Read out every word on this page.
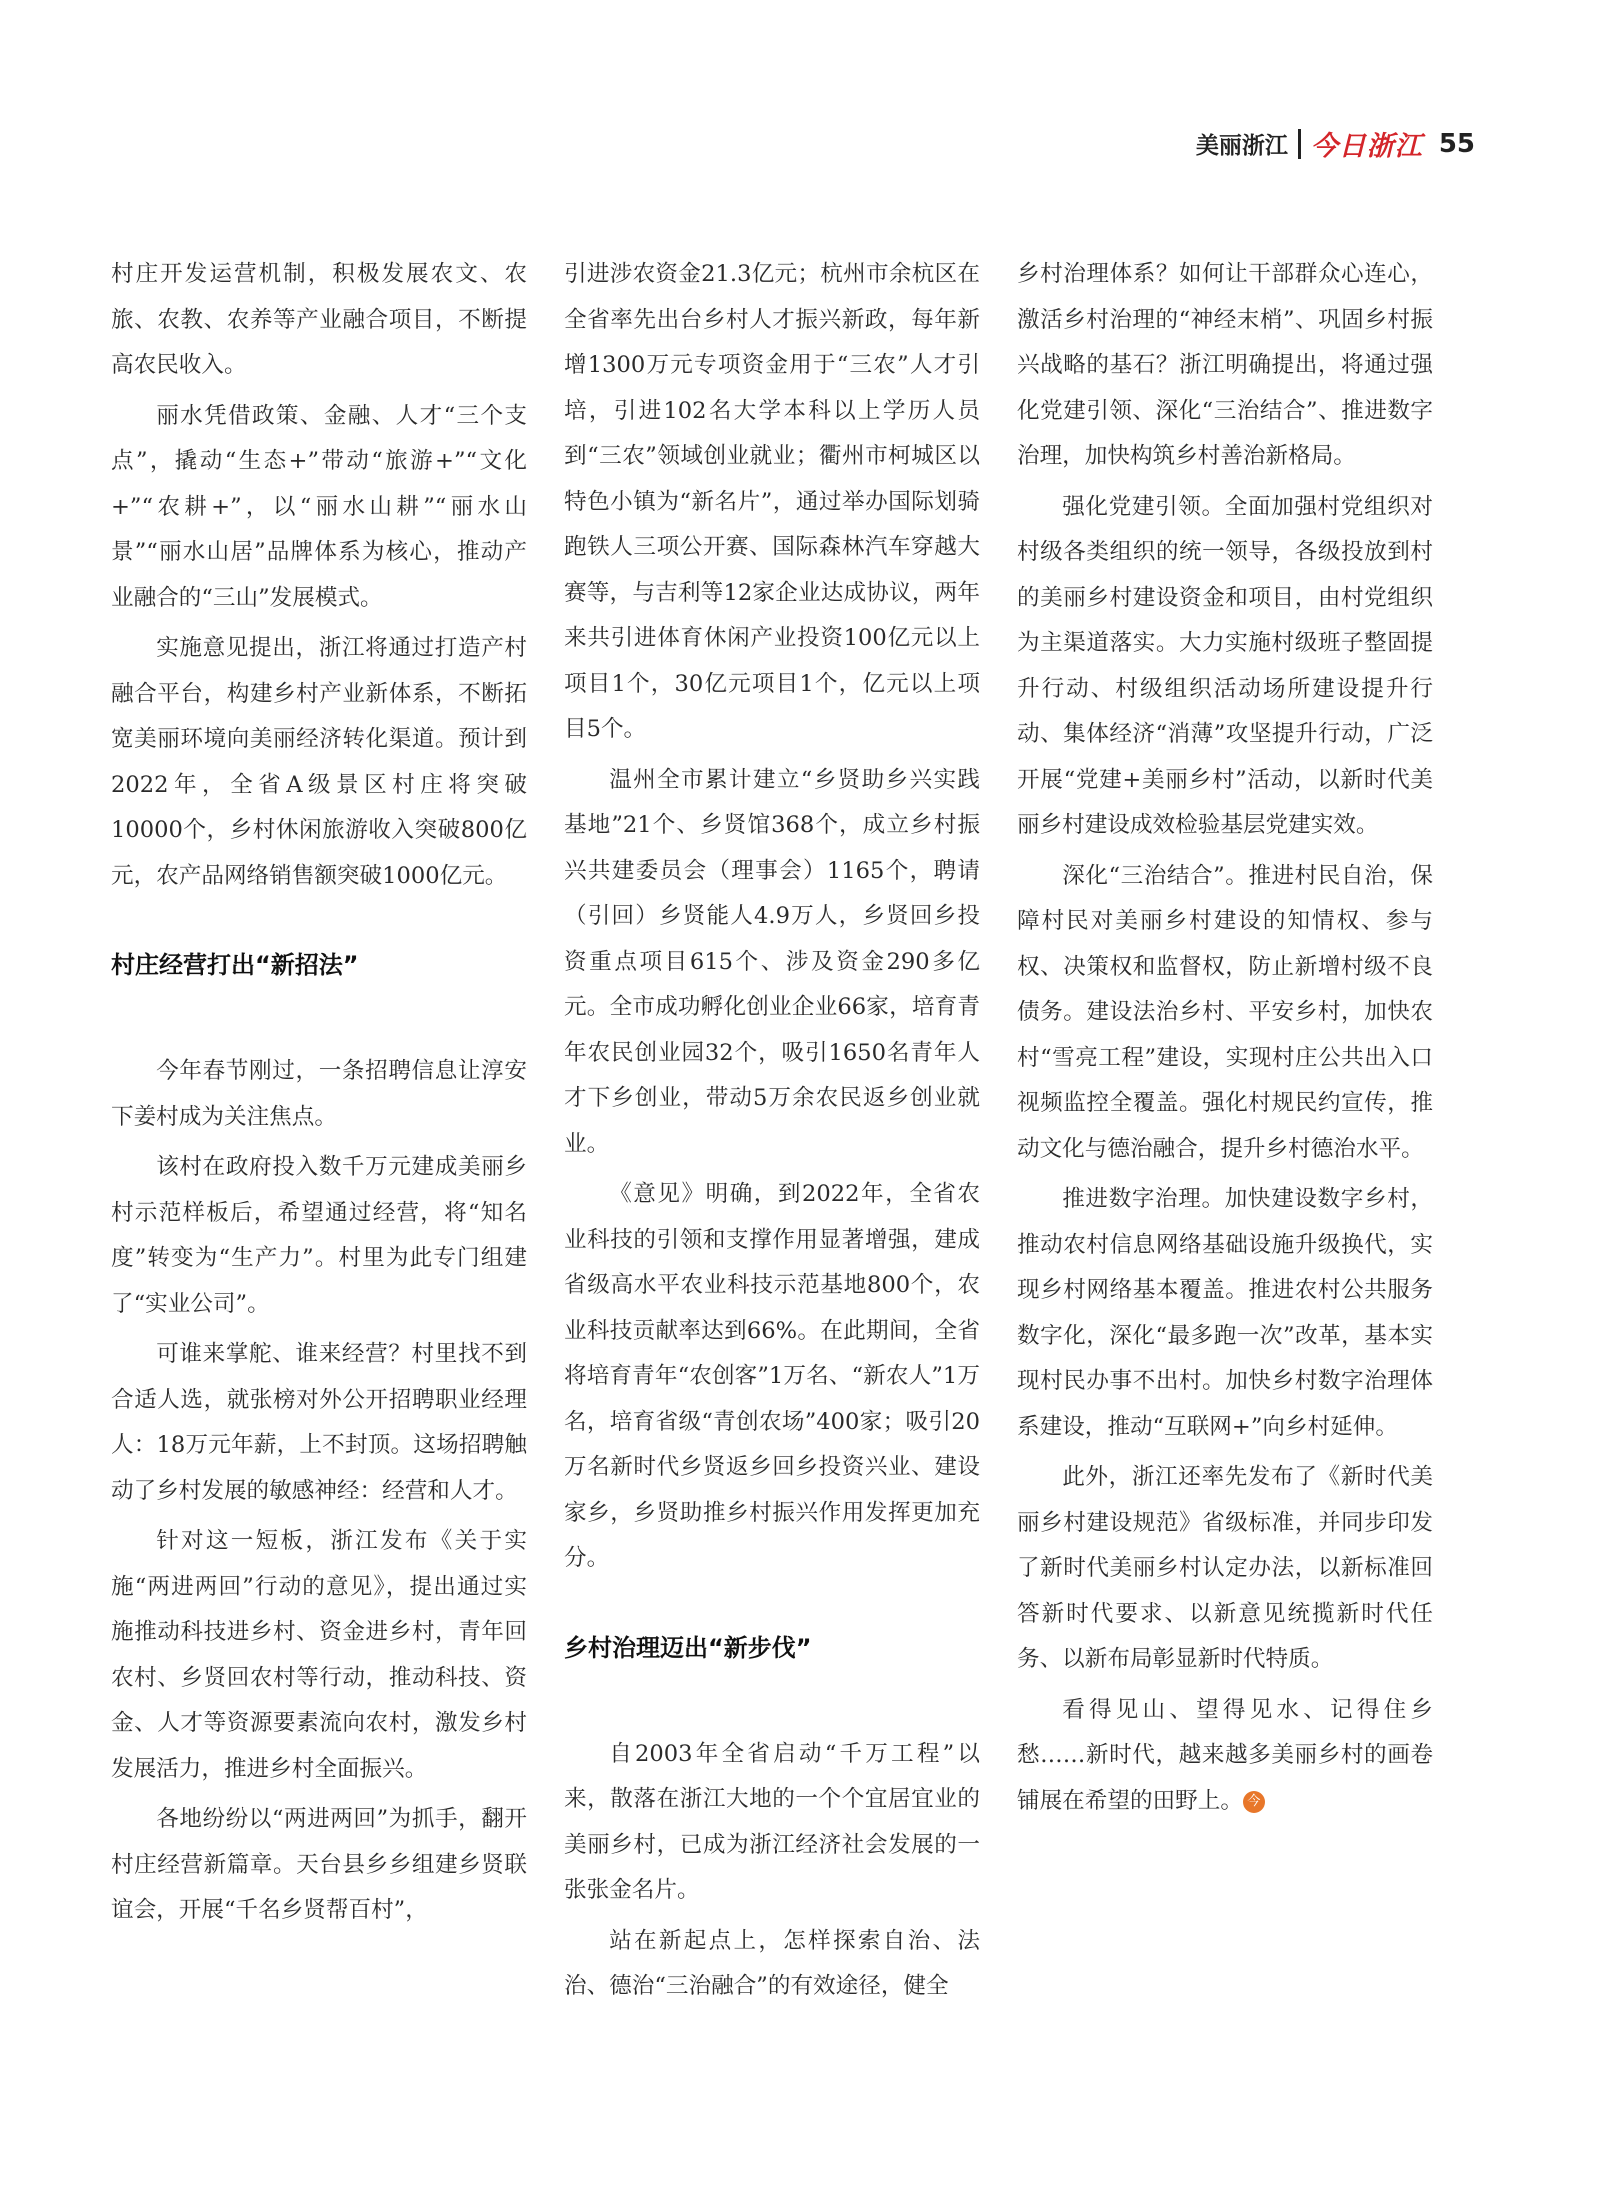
美丽浙江 今日浙江 55

村庄开发运营机制，积极发展农文、农旅、农教、农养等产业融合项目，不断提高农民收入。

丽水凭借政策、金融、人才“三个支点”，撬动“生态+”带动“旅游+”“文化+”“农耕+”，以“丽水山耕”“丽水山景”“丽水山居”品牌体系为核心，推动产业融合的“三山”发展模式。

实施意见提出，浙江将通过打造产村融合平台，构建乡村产业新体系，不断拓宽美丽环境向美丽经济转化渠道。预计到2022年，全省A级景区村庄将突破10000个，乡村休闲旅游收入突破800亿元，农产品网络销售额突破1000亿元。

村庄经营打出“新招法”

今年春节刚过，一条招聘信息让淳安下姜村成为关注焦点。

该村在政府投入数千万元建成美丽乡村示范样板后，希望通过经营，将“知名度”转变为“生产力”。村里为此专门组建了“实业公司”。

可谁来掌舵、谁来经营？村里找不到合适人选，就张榜对外公开招聘职业经理人：18万元年薪，上不封顶。这场招聘触动了乡村发展的敏感神经：经营和人才。

针对这一短板，浙江发布《关于实施“两进两回”行动的意见》，提出通过实施推动科技进乡村、资金进乡村，青年回农村、乡贤回农村等行动，推动科技、资金、人才等资源要素流向农村，激发乡村发展活力，推进乡村全面振兴。

各地纷纷以“两进两回”为抓手，翻开村庄经营新篇章。天台县乡乡组建乡贤联谊会，开展“千名乡贤帮百村”，

引进涉农资金21.3亿元；杭州市余杭区在全省率先出台乡村人才振兴新政，每年新增1300万元专项资金用于“三农”人才引培，引进102名大学本科以上学历人员到“三农”领域创业就业；衢州市柯城区以特色小镇为“新名片”，通过举办国际划骑跑铁人三项公开赛、国际森林汽车穿越大赛等，与吉利等12家企业达成协议，两年来共引进体育休闲产业投资100亿元以上项目1个，30亿元项目1个，亿元以上项目5个。

温州全市累计建立“乡贤助乡兴实践基地”21个、乡贤馆368个，成立乡村振兴共建委员会（理事会）1165个，聘请（引回）乡贤能人4.9万人，乡贤回乡投资重点项目615个、涉及资金290多亿元。全市成功孵化创业企业66家，培育青年农民创业园32个，吸引1650名青年人才下乡创业，带动5万余农民返乡创业就业。

《意见》明确，到2022年，全省农业科技的引领和支撑作用显著增强，建成省级高水平农业科技示范基地800个，农业科技贡献率达到66%。在此期间，全省将培育青年“农创客”1万名、“新农人”1万名，培育省级“青创农场”400家；吸引20万名新时代乡贤返乡回乡投资兴业、建设家乡，乡贤助推乡村振兴作用发挥更加充分。

乡村治理迈出“新步伐”

自2003年全省启动“千万工程”以来，散落在浙江大地的一个个宜居宜业的美丽乡村，已成为浙江经济社会发展的一张张金名片。

站在新起点上，怎样探索自治、法治、德治“三治融合”的有效途径，健全

乡村治理体系？如何让干部群众心连心，激活乡村治理的“神经末梢”、巩固乡村振兴战略的基石？浙江明确提出，将通过强化党建引领、深化“三治结合”、推进数字治理，加快构筑乡村善治新格局。

强化党建引领。全面加强村党组织对村级各类组织的统一领导，各级投放到村的美丽乡村建设资金和项目，由村党组织为主渠道落实。大力实施村级班子整固提升行动、村级组织活动场所建设提升行动、集体经济“消薄”攻坚提升行动，广泛开展“党建+美丽乡村”活动，以新时代美丽乡村建设成效检验基层党建实效。

深化“三治结合”。推进村民自治，保障村民对美丽乡村建设的知情权、参与权、决策权和监督权，防止新增村级不良债务。建设法治乡村、平安乡村，加快农村“雪亮工程”建设，实现村庄公共出入口视频监控全覆盖。强化村规民约宣传，推动文化与德治融合，提升乡村德治水平。

推进数字治理。加快建设数字乡村，推动农村信息网络基础设施升级换代，实现乡村网络基本覆盖。推进农村公共服务数字化，深化“最多跑一次”改革，基本实现村民办事不出村。加快乡村数字治理体系建设，推动“互联网+”向乡村延伸。

此外，浙江还率先发布了《新时代美丽乡村建设规范》省级标准，并同步印发了新时代美丽乡村认定办法，以新标准回答新时代要求、以新意见统揽新时代任务、以新布局彰显新时代特质。

看得见山、望得见水、记得住乡愁……新时代，越来越多美丽乡村的画卷铺展在希望的田野上。 今
